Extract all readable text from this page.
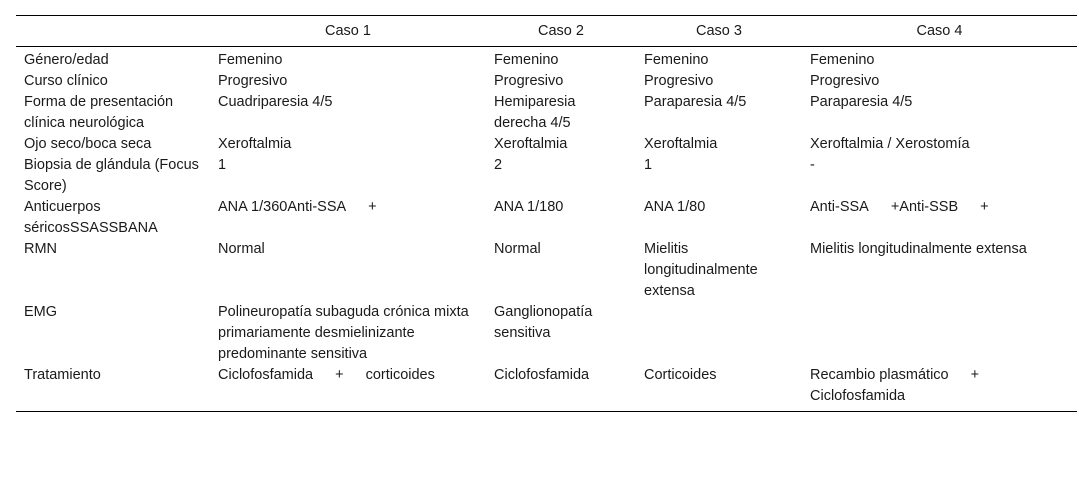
	Caso 1	Caso 2	Caso 3	Caso 4
Género/edad	Femenino	Femenino	Femenino	Femenino
Curso clínico	Progresivo	Progresivo	Progresivo	Progresivo
Forma de presentación clínica neurológica	Cuadriparesia 4/5	Hemiparesia derecha 4/5	Paraparesia 4/5	Paraparesia 4/5
Ojo seco/boca seca	Xeroftalmia	Xeroftalmia	Xeroftalmia	Xeroftalmia / Xerostomía
Biopsia de glándula (Focus Score)	1	2	1	-
Anticuerpos séricosSSASSBANA	ANA 1/360Anti-SSA +	ANA 1/180	ANA 1/80	Anti-SSA +Anti-SSB +
RMN	Normal	Normal	Mielitis longitudinalmente extensa	Mielitis longitudinalmente extensa
EMG	Polineuropatía subaguda crónica mixta primariamente desmielinizante predominante sensitiva	Ganglionopatía sensitiva		
Tratamiento	Ciclofosfamida + corticoides	Ciclofosfamida	Corticoides	Recambio plasmático +Ciclofosfamida
